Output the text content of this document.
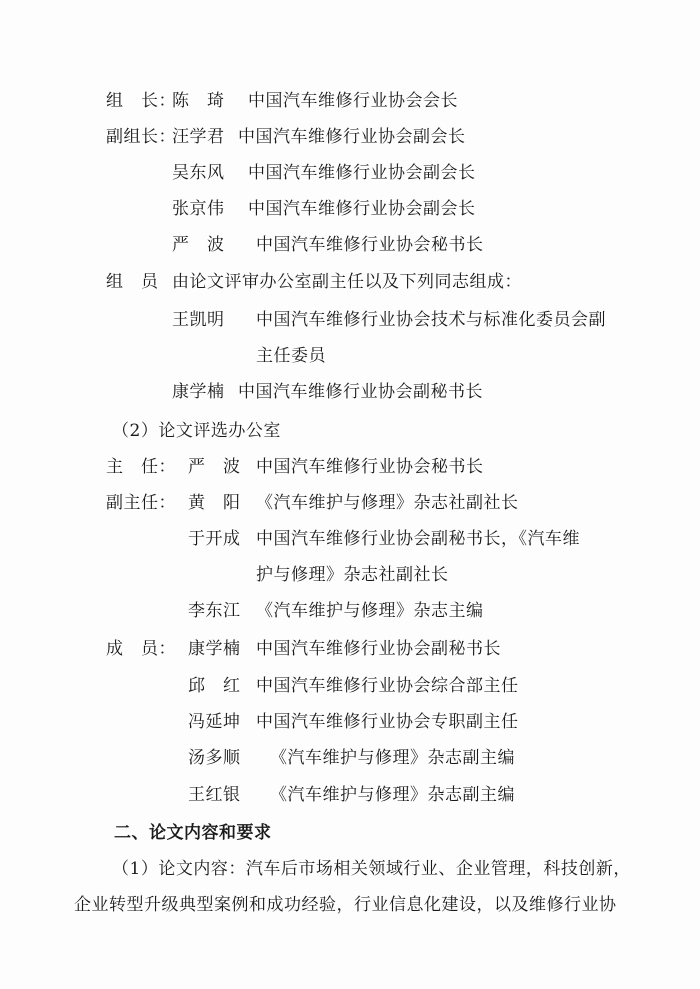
组　长：
陈　琦 中国汽车维修行业协会会长
副组长：
汪学君 中国汽车维修行业协会副会长
吴东风 中国汽车维修行业协会副会长
张京伟 中国汽车维修行业协会副会长
严　波 中国汽车维修行业协会秘书长
组　员 由论文评审办公室副主任以及下列同志组成：
王凯明 中国汽车维修行业协会技术与标准化委员会副
主任委员
康学楠 中国汽车维修行业协会副秘书长
（2）论文评选办公室
主　任： 严　波 中国汽车维修行业协会秘书长
副主任： 黄　阳 《汽车维护与修理》杂志社副社长
于开成 中国汽车维修行业协会副秘书长，《汽车维
护与修理》杂志社副社长
李东江 《汽车维护与修理》杂志主编
成　员： 康学楠 中国汽车维修行业协会副秘书长
邱　红 中国汽车维修行业协会综合部主任
冯延坤 中国汽车维修行业协会专职副主任
汤多顺 《汽车维护与修理》杂志副主编
王红银 《汽车维护与修理》杂志副主编
二、论文内容和要求
（1）论文内容：汽车后市场相关领域行业、企业管理，科技创新，
企业转型升级典型案例和成功经验，行业信息化建设，以及维修行业协
